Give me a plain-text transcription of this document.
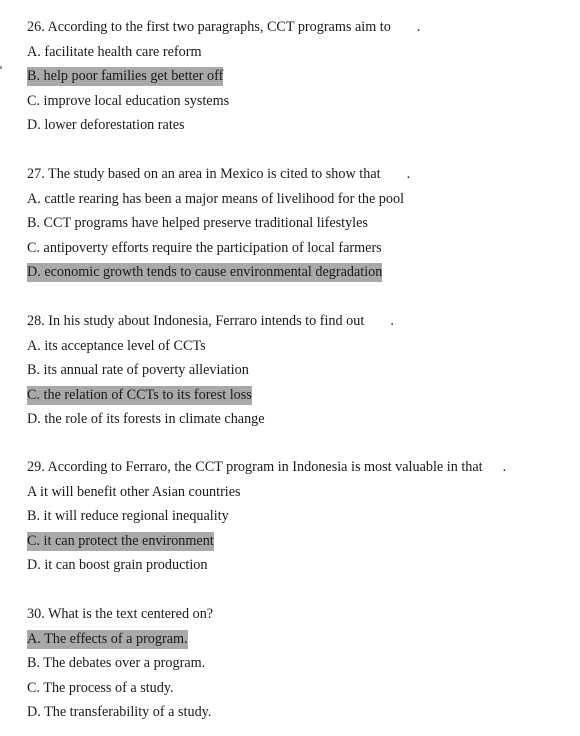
26. According to the first two paragraphs, CCT programs aim to .
A. facilitate health care reform
B. help poor families get better off
C. improve local education systems
D. lower deforestation rates
27. The study based on an area in Mexico is cited to show that .
A. cattle rearing has been a major means of livelihood for the pool
B. CCT programs have helped preserve traditional lifestyles
C. antipoverty efforts require the participation of local farmers
D. economic growth tends to cause environmental degradation
28. In his study about Indonesia, Ferraro intends to find out .
A. its acceptance level of CCTs
B. its annual rate of poverty alleviation
C. the relation of CCTs to its forest loss
D. the role of its forests in climate change
29. According to Ferraro, the CCT program in Indonesia is most valuable in that .
A it will benefit other Asian countries
B. it will reduce regional inequality
C. it can protect the environment
D. it can boost grain production
30. What is the text centered on?
A. The effects of a program.
B. The debates over a program.
C. The process of a study.
D. The transferability of a study.
